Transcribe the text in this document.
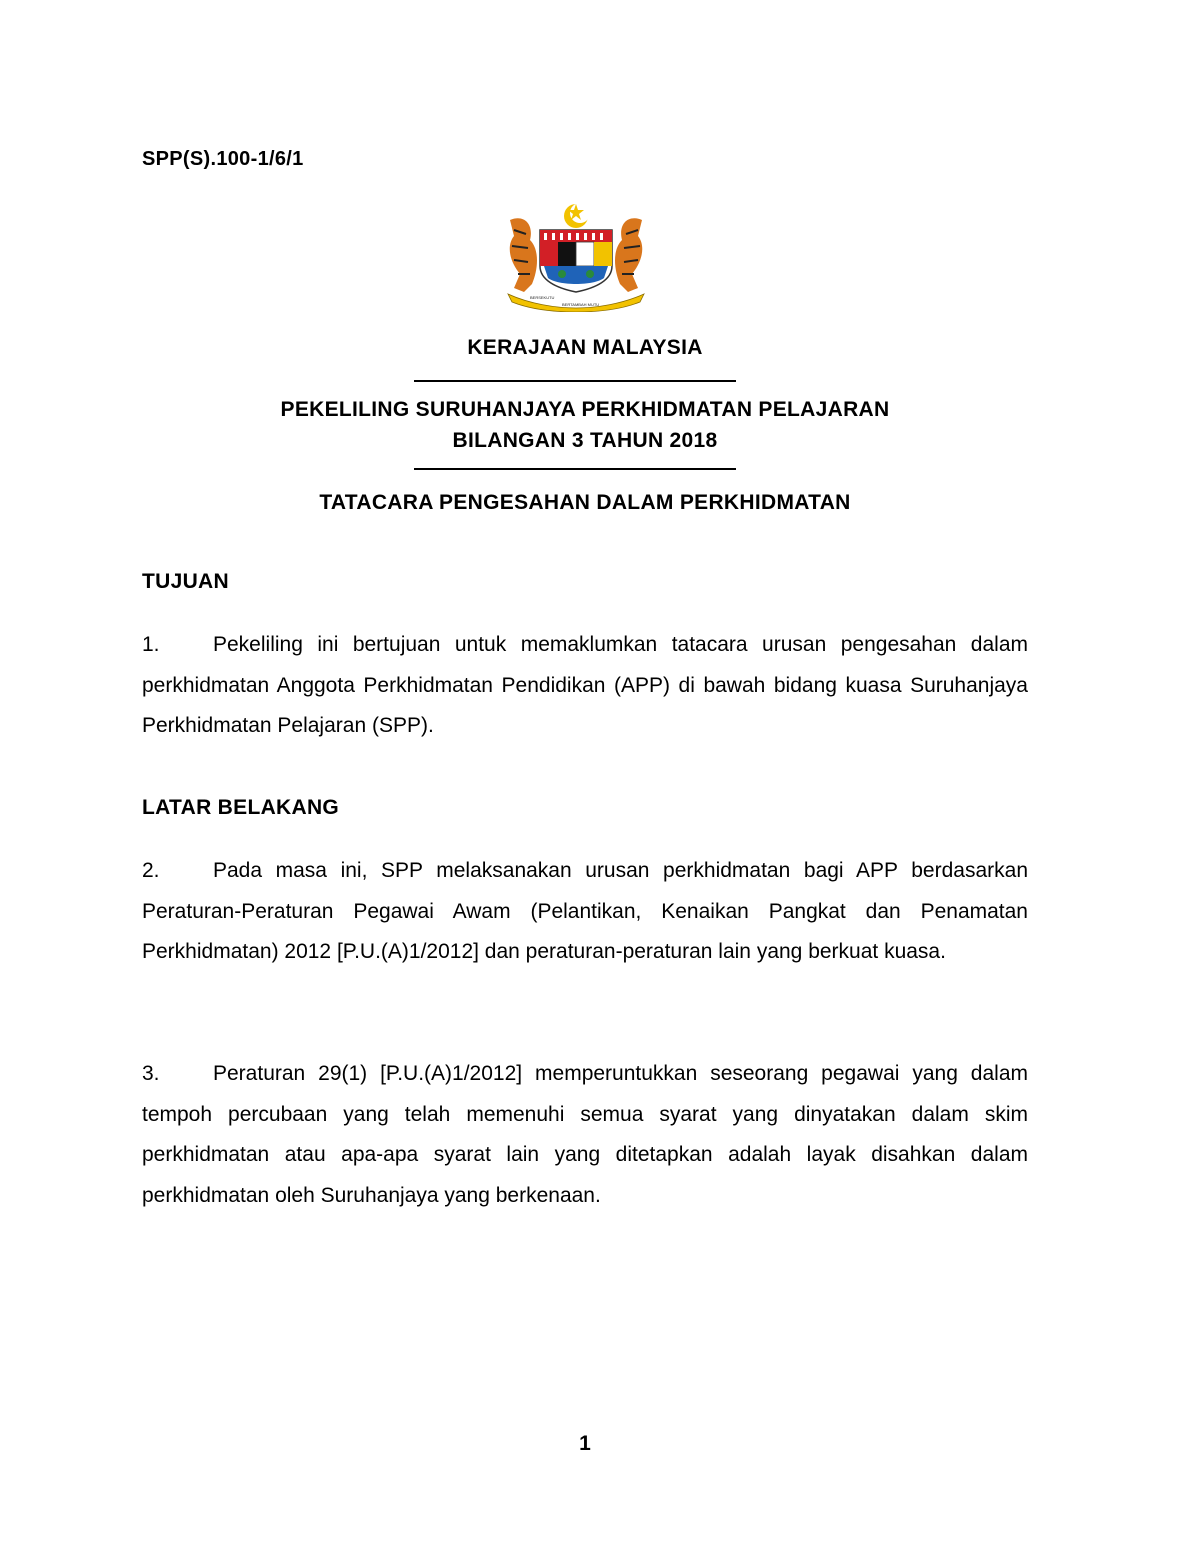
SPP(S).100-1/6/1
BERSEKUTU
BERTAMBAH MUTU
KERAJAAN MALAYSIA
PEKELILING SURUHANJAYA PERKHIDMATAN PELAJARAN
BILANGAN 3 TAHUN 2018
TATACARA PENGESAHAN DALAM PERKHIDMATAN
TUJUAN
1.	Pekeliling ini bertujuan untuk memaklumkan tatacara urusan pengesahan dalam perkhidmatan Anggota Perkhidmatan Pendidikan (APP) di bawah bidang kuasa Suruhanjaya Perkhidmatan Pelajaran (SPP).
LATAR BELAKANG
2.	Pada masa ini, SPP melaksanakan urusan perkhidmatan bagi APP berdasarkan Peraturan-Peraturan Pegawai Awam (Pelantikan, Kenaikan Pangkat dan Penamatan Perkhidmatan) 2012 [P.U.(A)1/2012] dan peraturan-peraturan lain yang berkuat kuasa.
3.	Peraturan 29(1) [P.U.(A)1/2012] memperuntukkan seseorang pegawai yang dalam tempoh percubaan yang telah memenuhi semua syarat yang dinyatakan dalam skim perkhidmatan atau apa-apa syarat lain yang ditetapkan adalah layak disahkan dalam perkhidmatan oleh Suruhanjaya yang berkenaan.
1
